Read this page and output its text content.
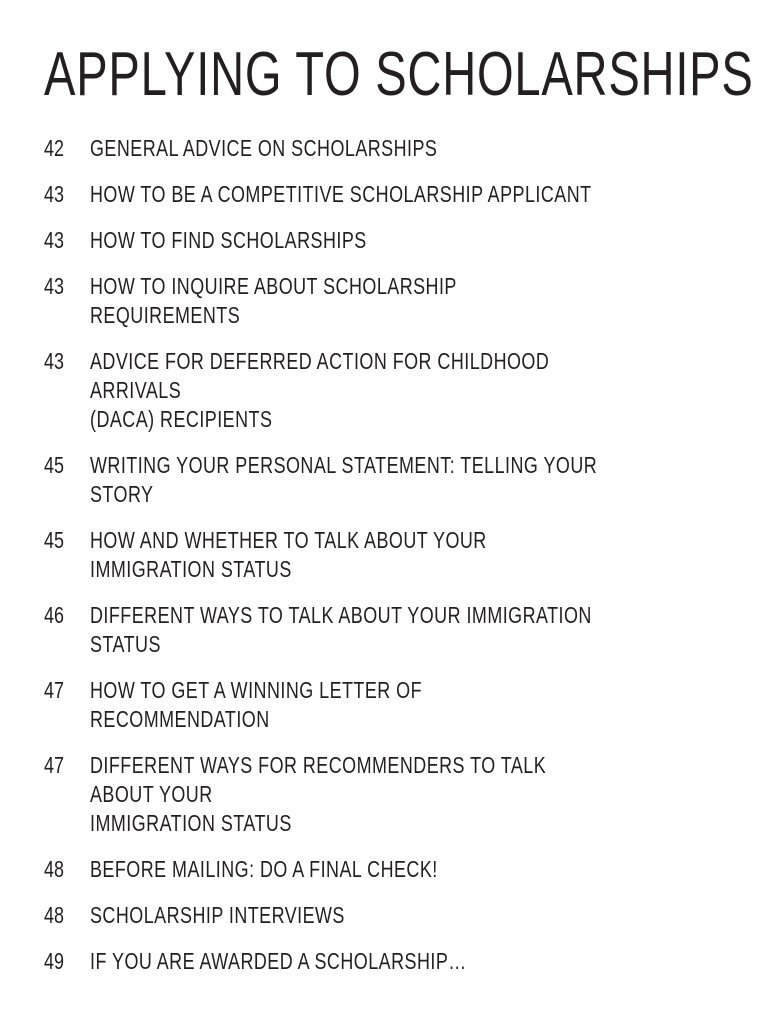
APPLYING TO SCHOLARSHIPS
42	GENERAL ADVICE ON SCHOLARSHIPS
43	HOW TO BE A COMPETITIVE SCHOLARSHIP APPLICANT
43	HOW TO FIND SCHOLARSHIPS
43	HOW TO INQUIRE ABOUT SCHOLARSHIP REQUIREMENTS
43	ADVICE FOR DEFERRED ACTION FOR CHILDHOOD ARRIVALS
(DACA) RECIPIENTS
45	WRITING YOUR PERSONAL STATEMENT: TELLING YOUR STORY
45	HOW AND WHETHER TO TALK ABOUT YOUR IMMIGRATION STATUS
46	DIFFERENT WAYS TO TALK ABOUT YOUR IMMIGRATION STATUS
47	HOW TO GET A WINNING LETTER OF RECOMMENDATION
47	DIFFERENT WAYS FOR RECOMMENDERS TO TALK ABOUT YOUR
IMMIGRATION STATUS
48	BEFORE MAILING: DO A FINAL CHECK!
48	SCHOLARSHIP INTERVIEWS
49	IF YOU ARE AWARDED A SCHOLARSHIP…
